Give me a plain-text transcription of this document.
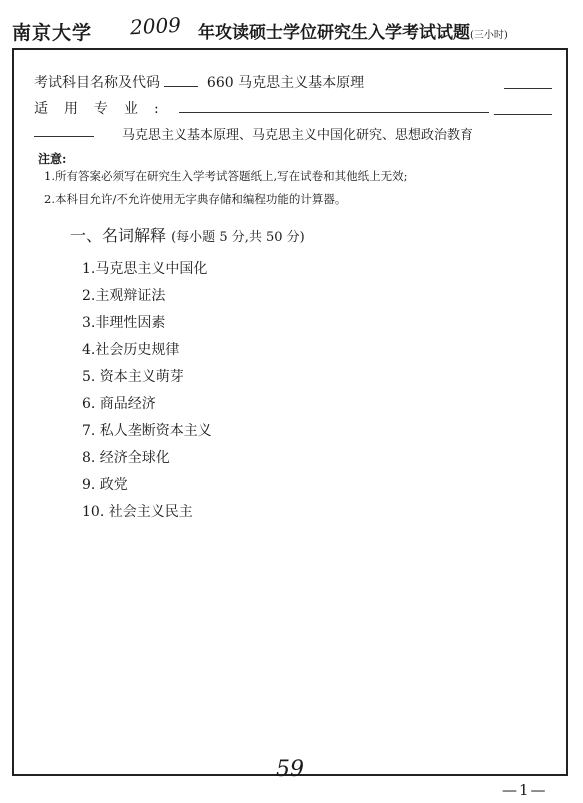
南京大学 2009 年攻读硕士学位研究生入学考试试题(三小时)
考试科目名称及代码	660 马克思主义基本原理
适用专业:
马克思主义基本原理、马克思主义中国化研究、思想政治教育
注意:
1.所有答案必须写在研究生入学考试答题纸上,写在试卷和其他纸上无效;
2.本科目允许/不允许使用无字典存储和编程功能的计算器。
一、名词解释 (每小题 5 分,共 50 分)
1.马克思主义中国化
2.主观辩证法
3.非理性因素
4.社会历史规律
5. 资本主义萌芽
6. 商品经济
7. 私人垄断资本主义
8. 经济全球化
9. 政党
10. 社会主义民主
59
—1—
